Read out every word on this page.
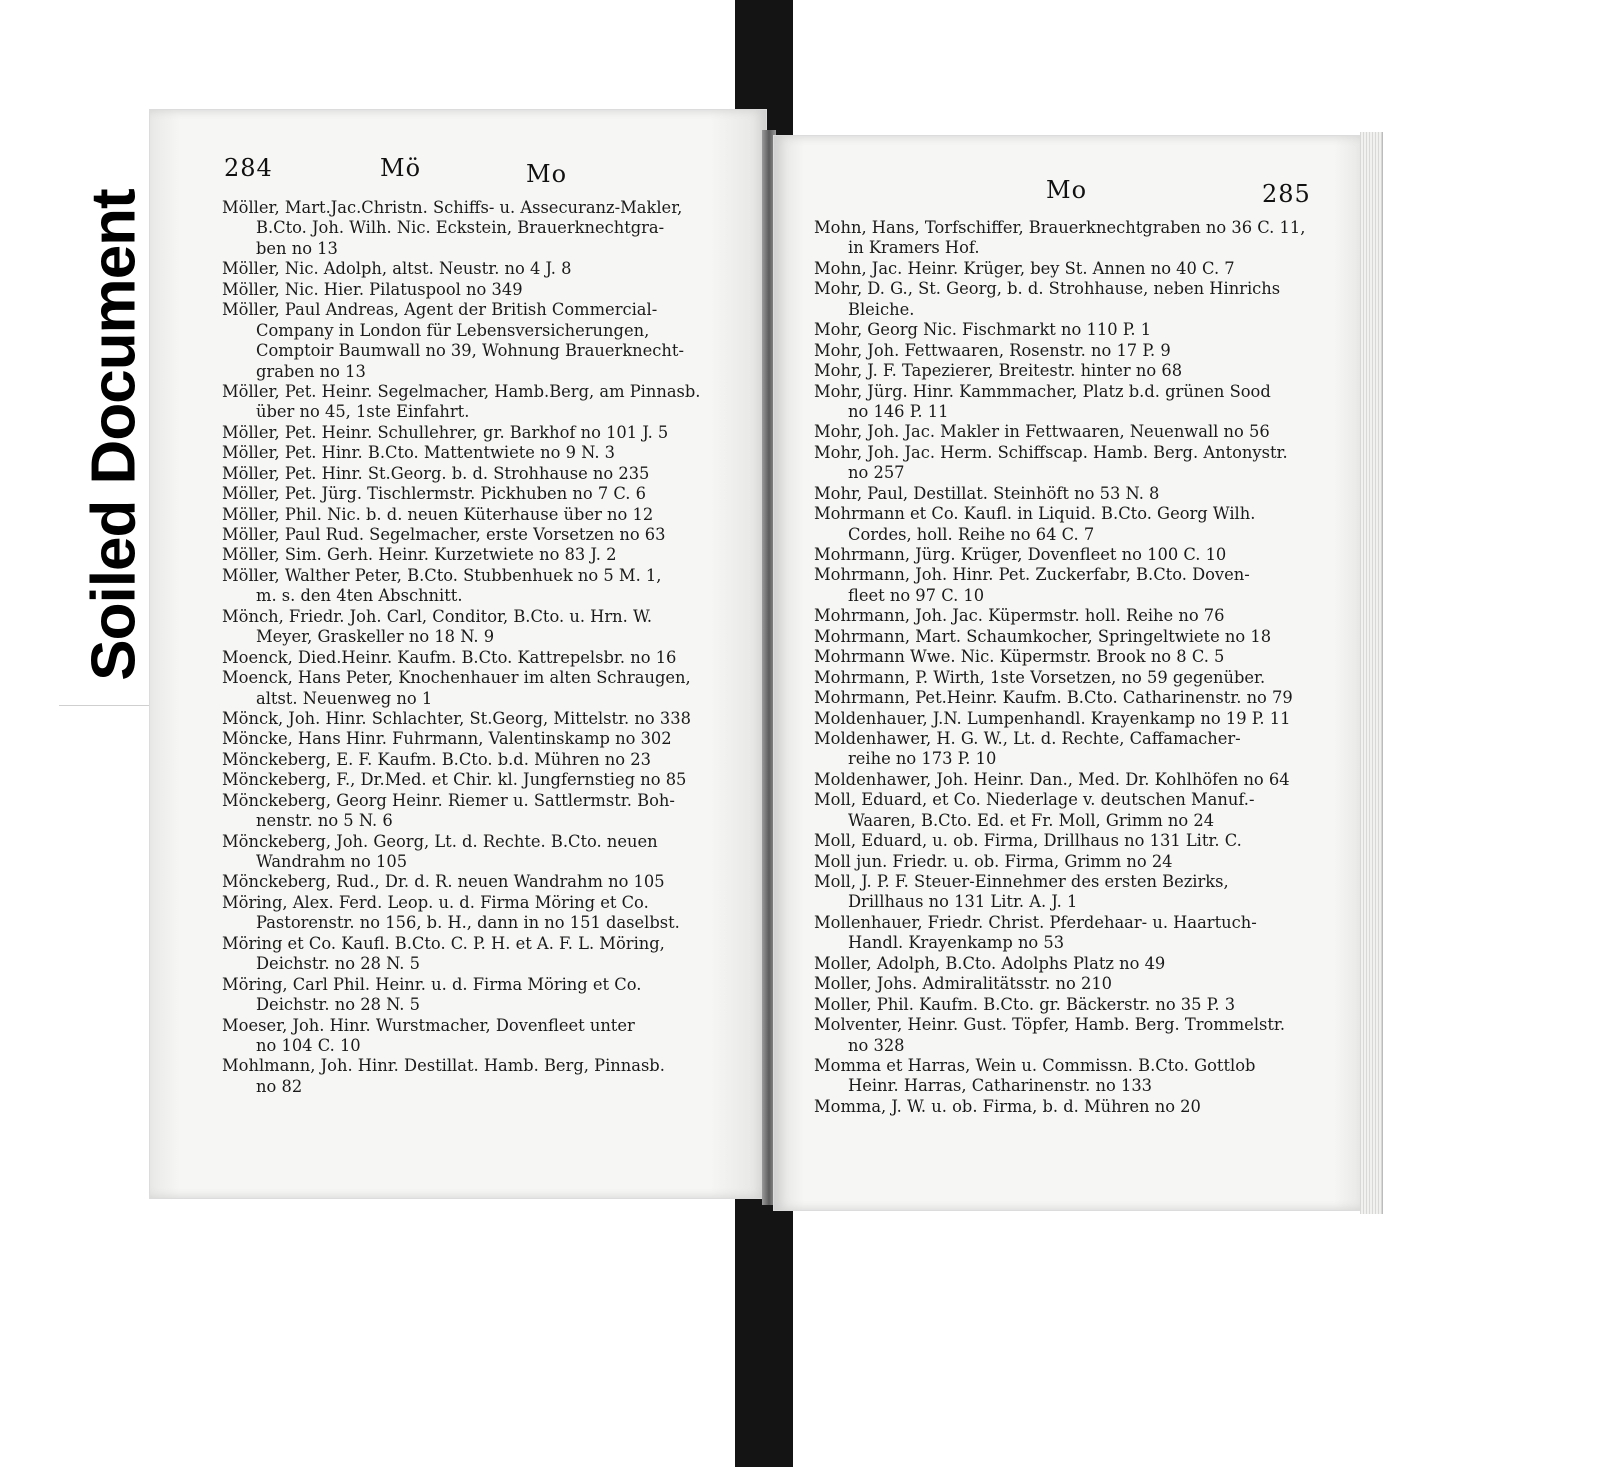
Soiled Document
284	Mö	Mo
Möller, Mart.Jac.Christn. Schiffs- u. Assecuranz-Makler,
B.Cto. Joh. Wilh. Nic. Eckstein, Brauerknechtgra-
ben no 13
Möller, Nic. Adolph, altst. Neustr. no 4 J. 8
Möller, Nic. Hier. Pilatuspool no 349
Möller, Paul Andreas, Agent der British Commercial-
Company in London für Lebensversicherungen,
Comptoir Baumwall no 39, Wohnung Brauerknecht-
graben no 13
Möller, Pet. Heinr. Segelmacher, Hamb.Berg, am Pinnasb.
über no 45, 1ste Einfahrt.
Möller, Pet. Heinr. Schullehrer, gr. Barkhof no 101 J. 5
Möller, Pet. Hinr. B.Cto. Mattentwiete no 9 N. 3
Möller, Pet. Hinr. St.Georg. b. d. Strohhause no 235
Möller, Pet. Jürg. Tischlermstr. Pickhuben no 7 C. 6
Möller, Phil. Nic. b. d. neuen Küterhause über no 12
Möller, Paul Rud. Segelmacher, erste Vorsetzen no 63
Möller, Sim. Gerh. Heinr. Kurzetwiete no 83 J. 2
Möller, Walther Peter, B.Cto. Stubbenhuek no 5 M. 1,
m. s. den 4ten Abschnitt.
Mönch, Friedr. Joh. Carl, Conditor, B.Cto. u. Hrn. W.
Meyer, Graskeller no 18 N. 9
Moenck, Died.Heinr. Kaufm. B.Cto. Kattrepelsbr. no 16
Moenck, Hans Peter, Knochenhauer im alten Schraugen,
altst. Neuenweg no 1
Mönck, Joh. Hinr. Schlachter, St.Georg, Mittelstr. no 338
Möncke, Hans Hinr. Fuhrmann, Valentinskamp no 302
Mönckeberg, E. F. Kaufm. B.Cto. b.d. Mühren no 23
Mönckeberg, F., Dr.Med. et Chir. kl. Jungfernstieg no 85
Mönckeberg, Georg Heinr. Riemer u. Sattlermstr. Boh-
nenstr. no 5 N. 6
Mönckeberg, Joh. Georg, Lt. d. Rechte. B.Cto. neuen
Wandrahm no 105
Mönckeberg, Rud., Dr. d. R. neuen Wandrahm no 105
Möring, Alex. Ferd. Leop. u. d. Firma Möring et Co.
Pastorenstr. no 156, b. H., dann in no 151 daselbst.
Möring et Co. Kaufl. B.Cto. C. P. H. et A. F. L. Möring,
Deichstr. no 28 N. 5
Möring, Carl Phil. Heinr. u. d. Firma Möring et Co.
Deichstr. no 28 N. 5
Moeser, Joh. Hinr. Wurstmacher, Dovenfleet unter
no 104 C. 10
Mohlmann, Joh. Hinr. Destillat. Hamb. Berg, Pinnasb.
no 82
Mo	285
Mohn, Hans, Torfschiffer, Brauerknechtgraben no 36 C. 11,
in Kramers Hof.
Mohn, Jac. Heinr. Krüger, bey St. Annen no 40 C. 7
Mohr, D. G., St. Georg, b. d. Strohhause, neben Hinrichs
Bleiche.
Mohr, Georg Nic. Fischmarkt no 110 P. 1
Mohr, Joh. Fettwaaren, Rosenstr. no 17 P. 9
Mohr, J. F. Tapezierer, Breitestr. hinter no 68
Mohr, Jürg. Hinr. Kammmacher, Platz b.d. grünen Sood
no 146 P. 11
Mohr, Joh. Jac. Makler in Fettwaaren, Neuenwall no 56
Mohr, Joh. Jac. Herm. Schiffscap. Hamb. Berg. Antonystr.
no 257
Mohr, Paul, Destillat. Steinhöft no 53 N. 8
Mohrmann et Co. Kaufl. in Liquid. B.Cto. Georg Wilh.
Cordes, holl. Reihe no 64 C. 7
Mohrmann, Jürg. Krüger, Dovenfleet no 100 C. 10
Mohrmann, Joh. Hinr. Pet. Zuckerfabr, B.Cto. Doven-
fleet no 97 C. 10
Mohrmann, Joh. Jac. Küpermstr. holl. Reihe no 76
Mohrmann, Mart. Schaumkocher, Springeltwiete no 18
Mohrmann Wwe. Nic. Küpermstr. Brook no 8 C. 5
Mohrmann, P. Wirth, 1ste Vorsetzen, no 59 gegenüber.
Mohrmann, Pet.Heinr. Kaufm. B.Cto. Catharinenstr. no 79
Moldenhauer, J.N. Lumpenhandl. Krayenkamp no 19 P. 11
Moldenhawer, H. G. W., Lt. d. Rechte, Caffamacher-
reihe no 173 P. 10
Moldenhawer, Joh. Heinr. Dan., Med. Dr. Kohlhöfen no 64
Moll, Eduard, et Co. Niederlage v. deutschen Manuf.-
Waaren, B.Cto. Ed. et Fr. Moll, Grimm no 24
Moll, Eduard, u. ob. Firma, Drillhaus no 131 Litr. C.
Moll jun. Friedr. u. ob. Firma, Grimm no 24
Moll, J. P. F. Steuer-Einnehmer des ersten Bezirks,
Drillhaus no 131 Litr. A. J. 1
Mollenhauer, Friedr. Christ. Pferdehaar- u. Haartuch-
Handl. Krayenkamp no 53
Moller, Adolph, B.Cto. Adolphs Platz no 49
Moller, Johs. Admiralitätsstr. no 210
Moller, Phil. Kaufm. B.Cto. gr. Bäckerstr. no 35 P. 3
Molventer, Heinr. Gust. Töpfer, Hamb. Berg. Trommelstr.
no 328
Momma et Harras, Wein u. Commissn. B.Cto. Gottlob
Heinr. Harras, Catharinenstr. no 133
Momma, J. W. u. ob. Firma, b. d. Mühren no 20
